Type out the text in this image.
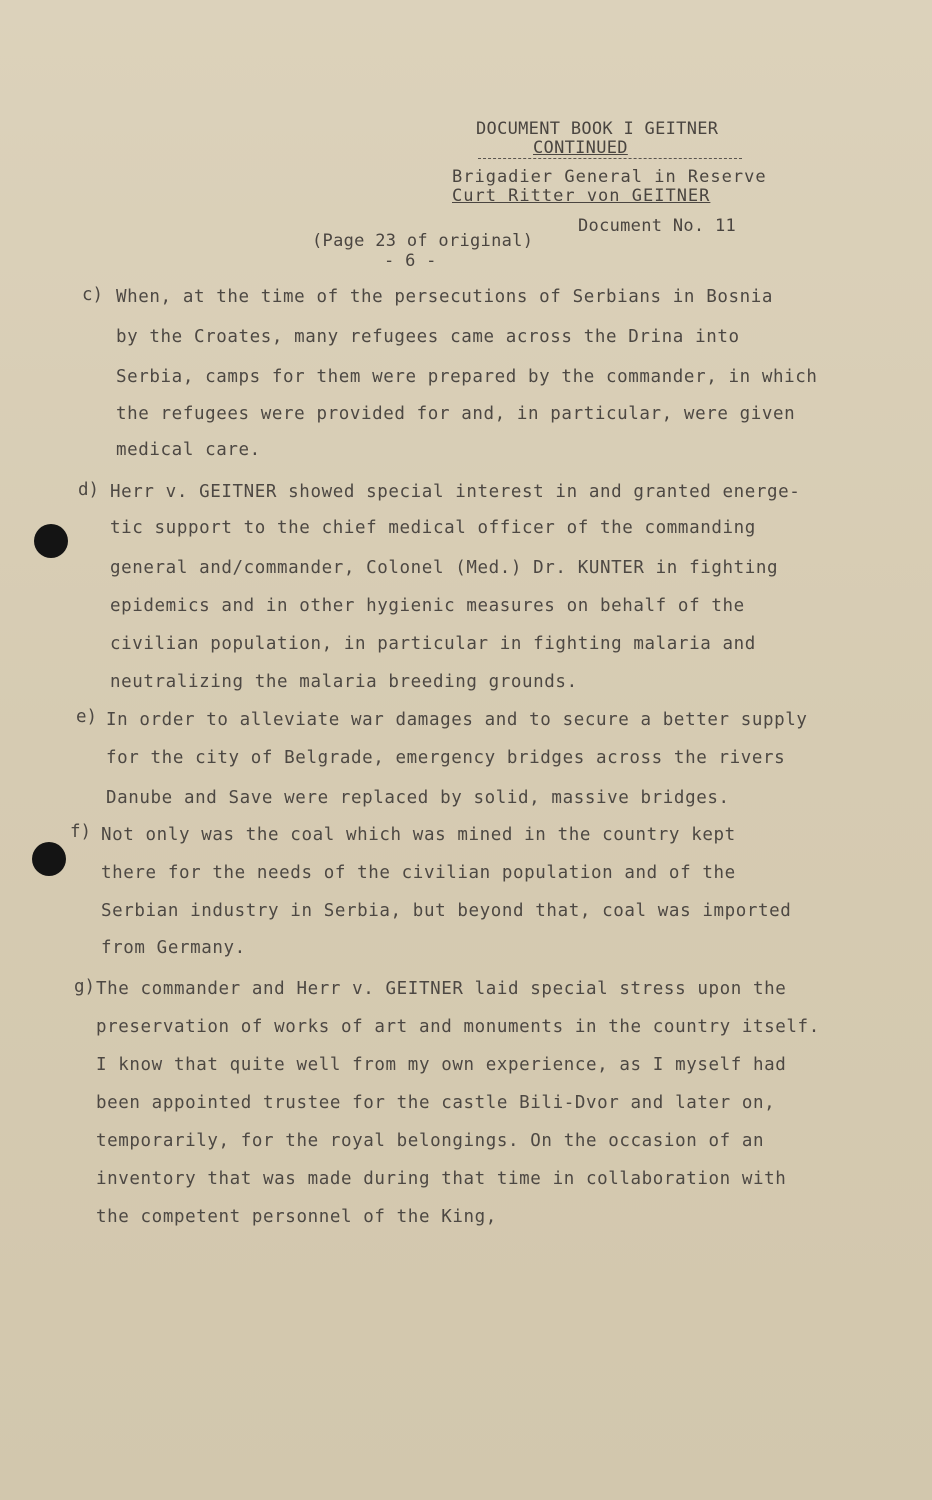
DOCUMENT BOOK I GEITNER
CONTINUED
Brigadier General in Reserve
Curt Ritter von GEITNER
Document No. 11
(Page 23 of original)
- 6 -
c) When, at the time of the persecutions of Serbians in Bosnia
by the Croates, many refugees came across the Drina into
Serbia, camps for them were prepared by the commander, in which
the refugees were provided for and, in particular, were given
medical care.
d) Herr v. GEITNER showed special interest in and granted energe-
tic support to the chief medical officer of the commanding
general and/commander, Colonel (Med.) Dr. KUNTER in fighting
epidemics and in other hygienic measures on behalf of the
civilian population, in particular in fighting malaria and
neutralizing the malaria breeding grounds.
e) In order to alleviate war damages and to secure a better supply
for the city of Belgrade, emergency bridges across the rivers
Danube and Save were replaced by solid, massive bridges.
f) Not only was the coal which was mined in the country kept
there for the needs of the civilian population and of the
Serbian industry in Serbia, but beyond that, coal was imported
from Germany.
g) The commander and Herr v. GEITNER laid special stress upon the
preservation of works of art and monuments in the country itself.
I know that quite well from my own experience, as I myself had
been appointed trustee for the castle Bili-Dvor and later on,
temporarily, for the royal belongings. On the occasion of an
inventory that was made during that time in collaboration with
the competent personnel of the King,
